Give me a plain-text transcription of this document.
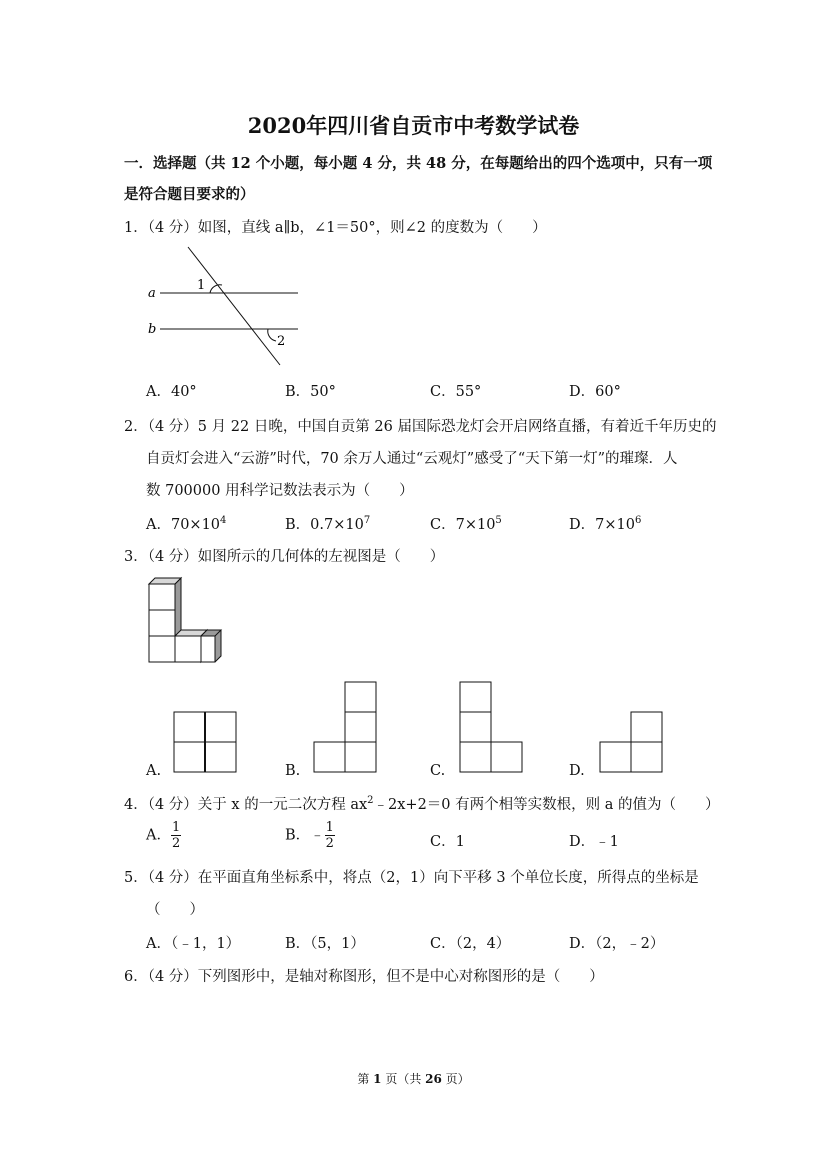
2020年四川省自贡市中考数学试卷
一．选择题（共 12 个小题，每小题 4 分，共 48 分，在每题给出的四个选项中，只有一项
是符合题目要求的）
1．（4 分）如图，直线 a∥b，∠1＝50°，则∠2 的度数为（　　）
a
b
1
2
A．40°	B．50°	C．55°	D．60°
2．（4 分）5 月 22 日晚，中国自贡第 26 届国际恐龙灯会开启网络直播，有着近千年历史的
自贡灯会进入“云游”时代，70 余万人通过“云观灯”感受了“天下第一灯”的璀璨．人
数 700000 用科学记数法表示为（　　）
A．$70\times 10^4$	B．$0.7\times 10^7$	C．$7\times 10^5$	D．$7\times 10^6$
3．（4 分）如图所示的几何体的左视图是（　　）
A.	B.	C.	D.
4．（4 分）关于 x 的一元二次方程 $ax^2﹣2x+2=0$ 有两个相等实数根，则 a 的值为（　　）
A． $\frac{1}{2}$	B．﹣ $\frac{1}{2}$	C．1	D．﹣1
5．（4 分）在平面直角坐标系中，将点（2，1）向下平移 3 个单位长度，所得点的坐标是
（　　）
A．（﹣1，1）	B．（5，1）	C．（2，4）	D．（2，﹣2）
6．（4 分）下列图形中，是轴对称图形，但不是中心对称图形的是（　　）
第 1 页（共 26 页）
